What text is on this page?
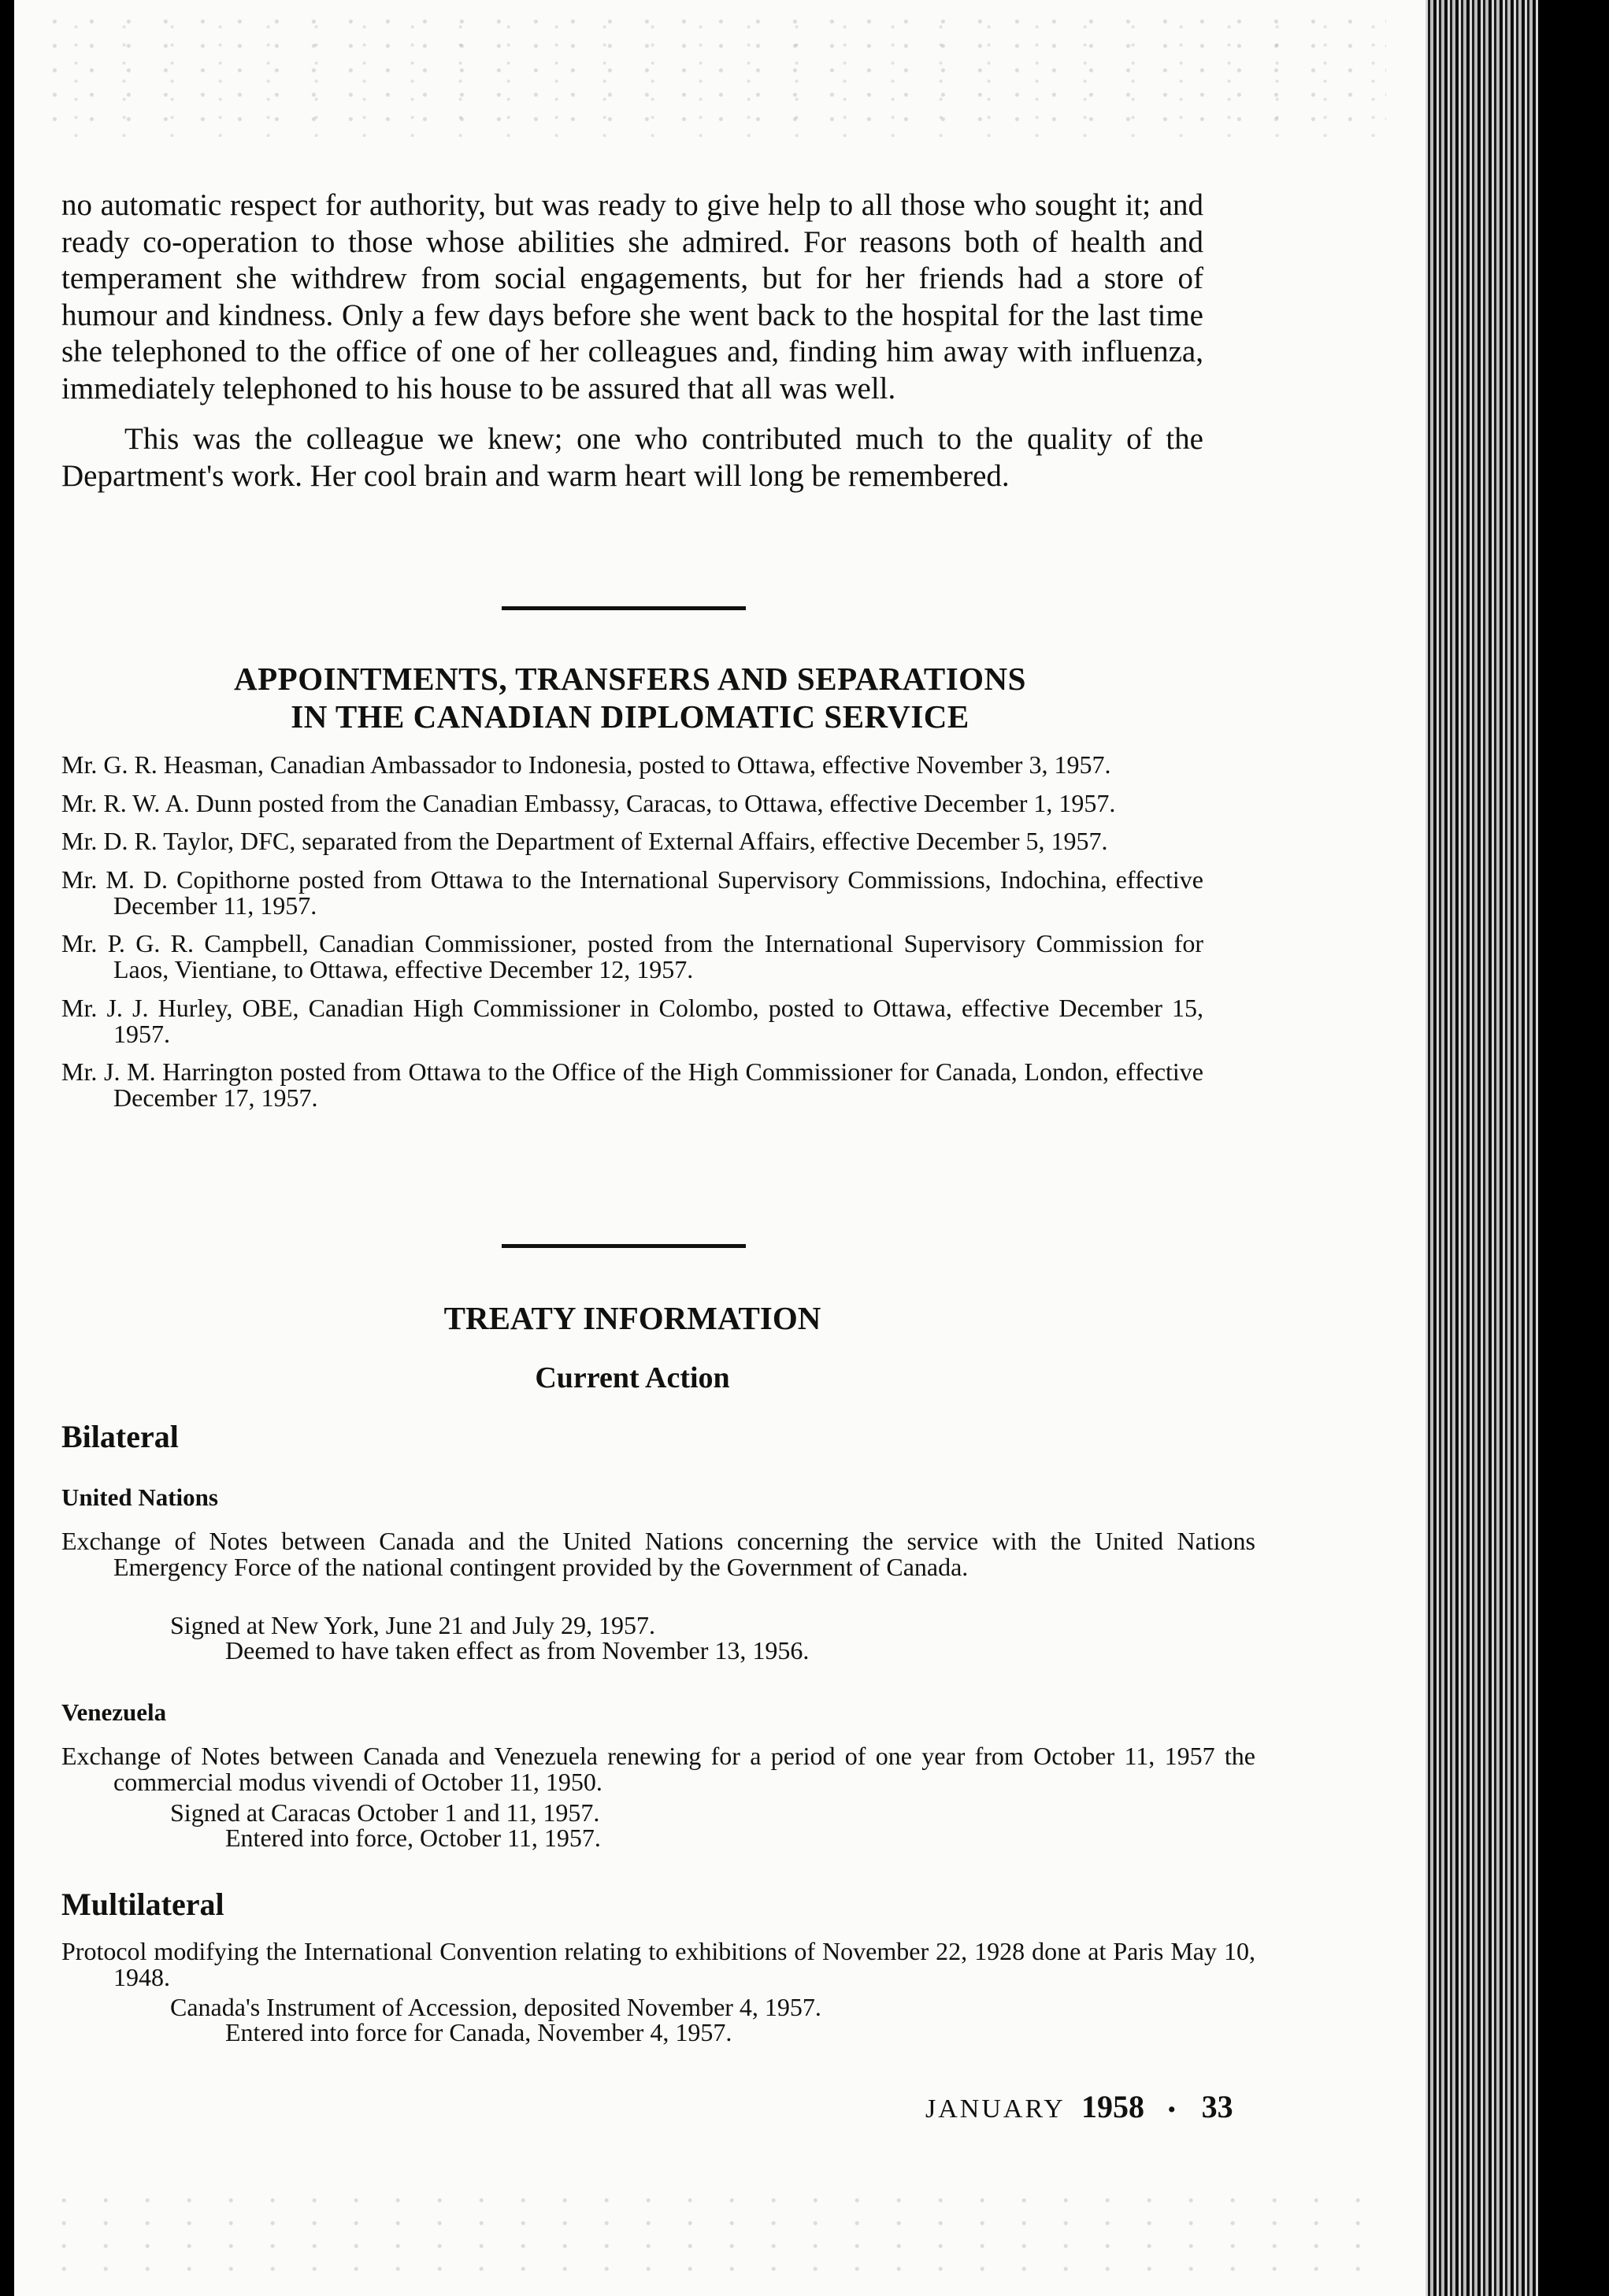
no automatic respect for authority, but was ready to give help to all those who sought it; and ready co-operation to those whose abilities she admired. For reasons both of health and temperament she withdrew from social engagements, but for her friends had a store of humour and kindness. Only a few days before she went back to the hospital for the last time she telephoned to the office of one of her colleagues and, finding him away with influenza, immediately telephoned to his house to be assured that all was well.

This was the colleague we knew; one who contributed much to the quality of the Department's work. Her cool brain and warm heart will long be remembered.

APPOINTMENTS, TRANSFERS AND SEPARATIONS

IN THE CANADIAN DIPLOMATIC SERVICE

Mr. G. R. Heasman, Canadian Ambassador to Indonesia, posted to Ottawa, effective November 3, 1957.

Mr. R. W. A. Dunn posted from the Canadian Embassy, Caracas, to Ottawa, effective December 1, 1957.

Mr. D. R. Taylor, DFC, separated from the Department of External Affairs, effective December 5, 1957.

Mr. M. D. Copithorne posted from Ottawa to the International Supervisory Commissions, Indochina, effective December 11, 1957.

Mr. P. G. R. Campbell, Canadian Commissioner, posted from the International Supervisory Commission for Laos, Vientiane, to Ottawa, effective December 12, 1957.

Mr. J. J. Hurley, OBE, Canadian High Commissioner in Colombo, posted to Ottawa, effective December 15, 1957.

Mr. J. M. Harrington posted from Ottawa to the Office of the High Commissioner for Canada, London, effective December 17, 1957.

TREATY INFORMATION

Current Action

Bilateral

United Nations

Exchange of Notes between Canada and the United Nations concerning the service with the United Nations Emergency Force of the national contingent provided by the Government of Canada.

Signed at New York, June 21 and July 29, 1957.

Deemed to have taken effect as from November 13, 1956.

Venezuela

Exchange of Notes between Canada and Venezuela renewing for a period of one year from October 11, 1957 the commercial modus vivendi of October 11, 1950.

Signed at Caracas October 1 and 11, 1957.

Entered into force, October 11, 1957.

Multilateral

Protocol modifying the International Convention relating to exhibitions of November 22, 1928 done at Paris May 10, 1948.

Canada's Instrument of Accession, deposited November 4, 1957.

Entered into force for Canada, November 4, 1957.

JANUARY 1958 • 33
